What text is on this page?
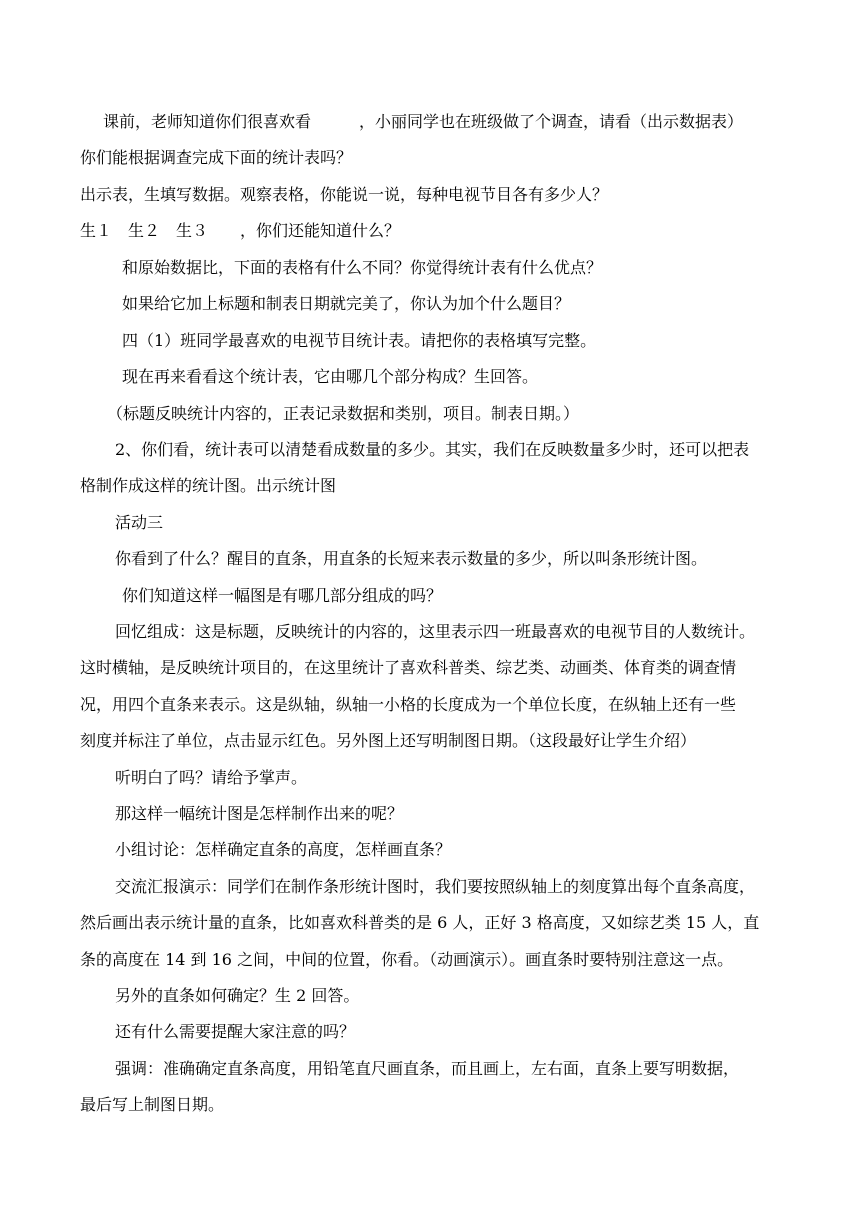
课前，老师知道你们很喜欢看　　　，小丽同学也在班级做了个调查，请看（出示数据表）
你们能根据调查完成下面的统计表吗？
出示表，生填写数据。观察表格，你能说一说，每种电视节目各有多少人？
生１　生２　生３　　，你们还能知道什么？
和原始数据比，下面的表格有什么不同？你觉得统计表有什么优点？
如果给它加上标题和制表日期就完美了，你认为加个什么题目？
四（1）班同学最喜欢的电视节目统计表。请把你的表格填写完整。
现在再来看看这个统计表，它由哪几个部分构成？生回答。
（标题反映统计内容的，正表记录数据和类别，项目。制表日期。）
2、你们看，统计表可以清楚看成数量的多少。其实，我们在反映数量多少时，还可以把表
格制作成这样的统计图。出示统计图
活动三
你看到了什么？醒目的直条，用直条的长短来表示数量的多少，所以叫条形统计图。
你们知道这样一幅图是有哪几部分组成的吗？
回忆组成：这是标题，反映统计的内容的，这里表示四一班最喜欢的电视节目的人数统计。
这时横轴，是反映统计项目的，在这里统计了喜欢科普类、综艺类、动画类、体育类的调查情
况，用四个直条来表示。这是纵轴，纵轴一小格的长度成为一个单位长度，在纵轴上还有一些
刻度并标注了单位，点击显示红色。另外图上还写明制图日期。（这段最好让学生介绍）
听明白了吗？请给予掌声。
那这样一幅统计图是怎样制作出来的呢？
小组讨论：怎样确定直条的高度，怎样画直条？
交流汇报演示：同学们在制作条形统计图时，我们要按照纵轴上的刻度算出每个直条高度，
然后画出表示统计量的直条，比如喜欢科普类的是 6 人，正好 3 格高度，又如综艺类 15 人，直
条的高度在 14 到 16 之间，中间的位置，你看。（动画演示）。画直条时要特别注意这一点。
另外的直条如何确定？生 2 回答。
还有什么需要提醒大家注意的吗？
强调：准确确定直条高度，用铅笔直尺画直条，而且画上，左右面，直条上要写明数据，
最后写上制图日期。
